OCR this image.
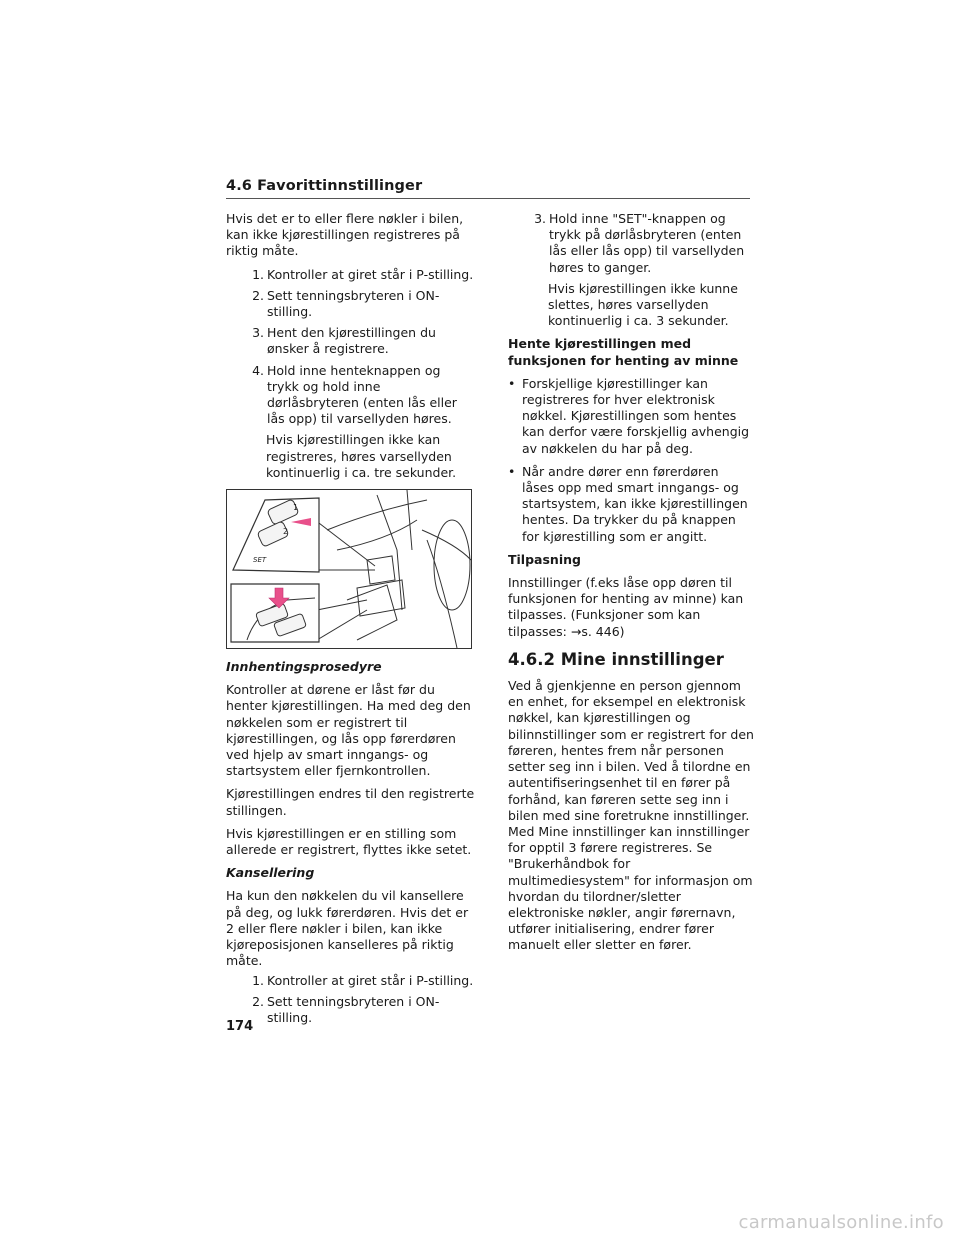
4.6 Favorittinnstillinger

Hvis det er to eller flere nøkler i bilen, kan ikke kjørestillingen registreres på riktig måte.

1. Kontroller at giret står i P-stilling.
2. Sett tenningsbryteren i ON-stilling.
3. Hent den kjørestillingen du ønsker å registrere.
4. Hold inne henteknappen og trykk og hold inne dørlåsbryteren (enten lås eller lås opp) til varsellyden høres.

Hvis kjørestillingen ikke kan registreres, høres varsellyden kontinuerlig i ca. tre sekunder.

1
2
SET
Innhentingsprosedyre

Kontroller at dørene er låst før du henter kjørestillingen. Ha med deg den nøkkelen som er registrert til kjørestillingen, og lås opp førerdøren ved hjelp av smart inngangs- og startsystem eller fjernkontrollen.

Kjørestillingen endres til den registrerte stillingen.

Hvis kjørestillingen er en stilling som allerede er registrert, flyttes ikke setet.

Kansellering

Ha kun den nøkkelen du vil kansellere på deg, og lukk førerdøren. Hvis det er 2 eller flere nøkler i bilen, kan ikke kjøreposisjonen kanselleres på riktig måte.

1. Kontroller at giret står i P-stilling.
2. Sett tenningsbryteren i ON-stilling.
3. Hold inne "SET"-knappen og trykk på dørlåsbryteren (enten lås eller lås opp) til varsellyden høres to ganger.

Hvis kjørestillingen ikke kunne slettes, høres varsellyden kontinuerlig i ca. 3 sekunder.

Hente kjørestillingen med funksjonen for henting av minne
• Forskjellige kjørestillinger kan registreres for hver elektronisk nøkkel. Kjørestillingen som hentes kan derfor være forskjellig avhengig av nøkkelen du har på deg.
• Når andre dører enn førerdøren låses opp med smart inngangs- og startsystem, kan ikke kjørestillingen hentes. Da trykker du på knappen for kjørestilling som er angitt.
Tilpasning

Innstillinger (f.eks låse opp døren til funksjonen for henting av minne) kan tilpasses. (Funksjoner som kan tilpasses: →s. 446)

4.6.2 Mine innstillinger

Ved å gjenkjenne en person gjennom en enhet, for eksempel en elektronisk nøkkel, kan kjørestillingen og bilinnstillinger som er registrert for den føreren, hentes frem når personen setter seg inn i bilen. Ved å tilordne en autentifiseringsenhet til en fører på forhånd, kan føreren sette seg inn i bilen med sine foretrukne innstillinger. Med Mine innstillinger kan innstillinger for opptil 3 førere registreres. Se "Brukerhåndbok for multimediesystem" for informasjon om hvordan du tilordner/sletter elektroniske nøkler, angir førernavn, utfører initialisering, endrer fører manuelt eller sletter en fører.

174
carmanualsonline.info
